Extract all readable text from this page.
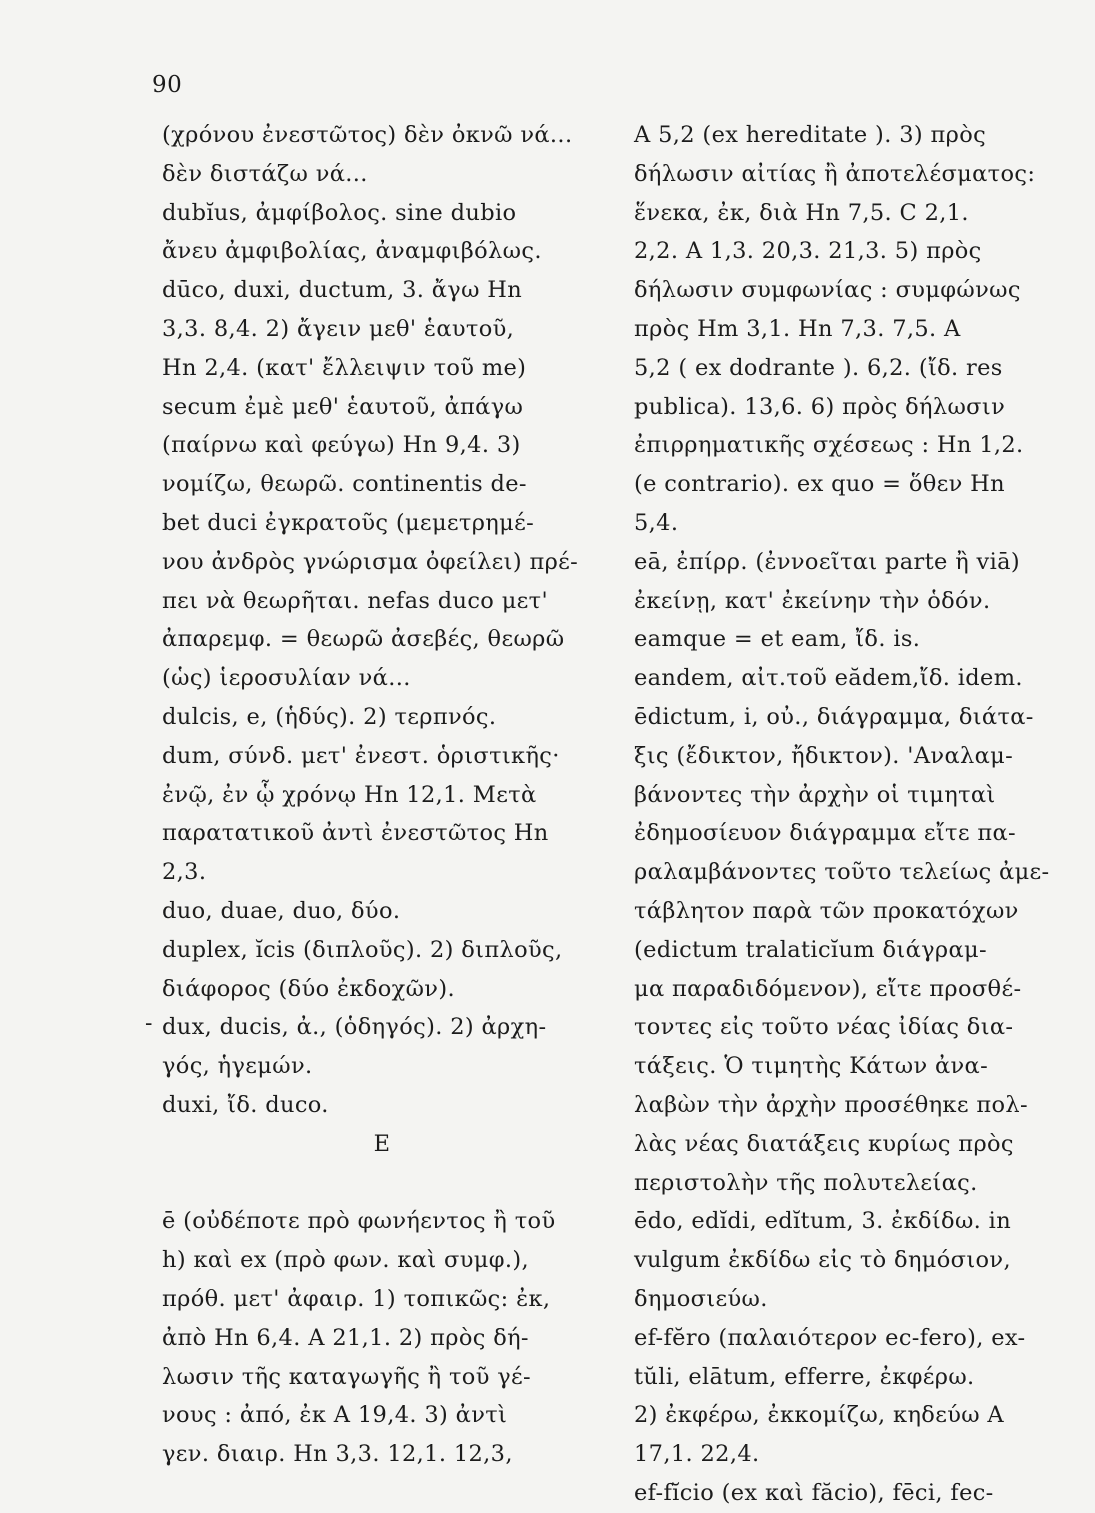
90
-
(χρόνου ἐνεστῶτος) δὲν ὀκνῶ νά...
δὲν διστάζω νά...
dubĭus, ἀμφίβολος. sine dubio
ἄνευ ἀμφιβολίας, ἀναμφιβόλως.
dūco, duxi, ductum, 3. ἄγω Hn
3,3. 8,4. 2) ἄγειν μεθ' ἑαυτοῦ,
Hn 2,4. (κατ' ἔλλειψιν τοῦ me)
secum ἐμὲ μεθ' ἑαυτοῦ, ἀπάγω
(παίρνω καὶ φεύγω) Hn 9,4. 3)
νομίζω, θεωρῶ. continentis de-
bet duci ἐγκρατοῦς (μεμετρημέ-
νου ἀνδρὸς γνώρισμα ὀφείλει) πρέ-
πει νὰ θεωρῆται. nefas duco μετ'
ἀπαρεμφ. = θεωρῶ ἀσεβές, θεωρῶ
(ὡς) ἱεροσυλίαν νά...
dulcis, e, (ἡδύς). 2) τερπνός.
dum, σύνδ. μετ' ἐνεστ. ὁριστικῆς·
ἐνῷ, ἐν ᾧ χρόνῳ Hn 12,1. Μετὰ
παρατατικοῦ ἀντὶ ἐνεστῶτος Hn
2,3.
duo, duae, duo, δύο.
duplex, ĭcis (διπλοῦς). 2) διπλοῦς,
διάφορος (δύο ἐκδοχῶν).
dux, ducis, ἀ., (ὁδηγός). 2) ἀρχη-
γός, ἡγεμών.
duxi, ἴδ. duco.
E
ē (οὐδέποτε πρὸ φωνήεντος ἢ τοῦ
h) καὶ ex (πρὸ φων. καὶ συμφ.),
πρόθ. μετ' ἀφαιρ. 1) τοπικῶς: ἐκ,
ἀπὸ Hn 6,4. A 21,1. 2) πρὸς δή-
λωσιν τῆς καταγωγῆς ἢ τοῦ γέ-
νους : ἀπό, ἐκ A 19,4. 3) ἀντὶ
γεν. διαιρ. Hn 3,3. 12,1. 12,3,
A 5,2 (ex hereditate ). 3) πρὸς
δήλωσιν αἰτίας ἢ ἀποτελέσματος:
ἕνεκα, ἐκ, διὰ Hn 7,5. C 2,1.
2,2. A 1,3. 20,3. 21,3. 5) πρὸς
δήλωσιν συμφωνίας : συμφώνως
πρὸς Hm 3,1. Hn 7,3. 7,5. A
5,2 ( ex dodrante ). 6,2. (ἴδ. res
publica). 13,6. 6) πρὸς δήλωσιν
ἐπιρρηματικῆς σχέσεως : Hn 1,2.
(e contrario). ex quo = ὅθεν Hn
5,4.
eā, ἐπίρρ. (ἐννοεῖται parte ἢ viā)
ἐκείνῃ, κατ' ἐκείνην τὴν ὁδόν.
eamque = et eam, ἴδ. is.
eandem, αἰτ.τοῦ eădem,ἴδ. idem.
ēdictum, i, οὐ., διάγραμμα, διάτα-
ξις (ἔδικτον, ἤδικτον). 'Αναλαμ-
βάνοντες τὴν ἀρχὴν οἱ τιμηταὶ
ἐδημοσίευον διάγραμμα εἴτε πα-
ραλαμβάνοντες τοῦτο τελείως ἀμε-
τάβλητον παρὰ τῶν προκατόχων
(edictum tralaticĭum διάγραμ-
μα παραδιδόμενον), εἴτε προσθέ-
τοντες εἰς τοῦτο νέας ἰδίας δια-
τάξεις. Ὁ τιμητὴς Κάτων ἀνα-
λαβὼν τὴν ἀρχὴν προσέθηκε πολ-
λὰς νέας διατάξεις κυρίως πρὸς
περιστολὴν τῆς πολυτελείας.
ēdo, edĭdi, edĭtum, 3. ἐκδίδω. in
vulgum ἐκδίδω εἰς τὸ δημόσιον,
δημοσιεύω.
ef-fĕro (παλαιότερον ec-fero), ex-
tŭli, elātum, efferre, ἐκφέρω.
2) ἐκφέρω, ἐκκομίζω, κηδεύω A
17,1. 22,4.
ef-fĭcio (ex καὶ făcio), fēci, fec-
